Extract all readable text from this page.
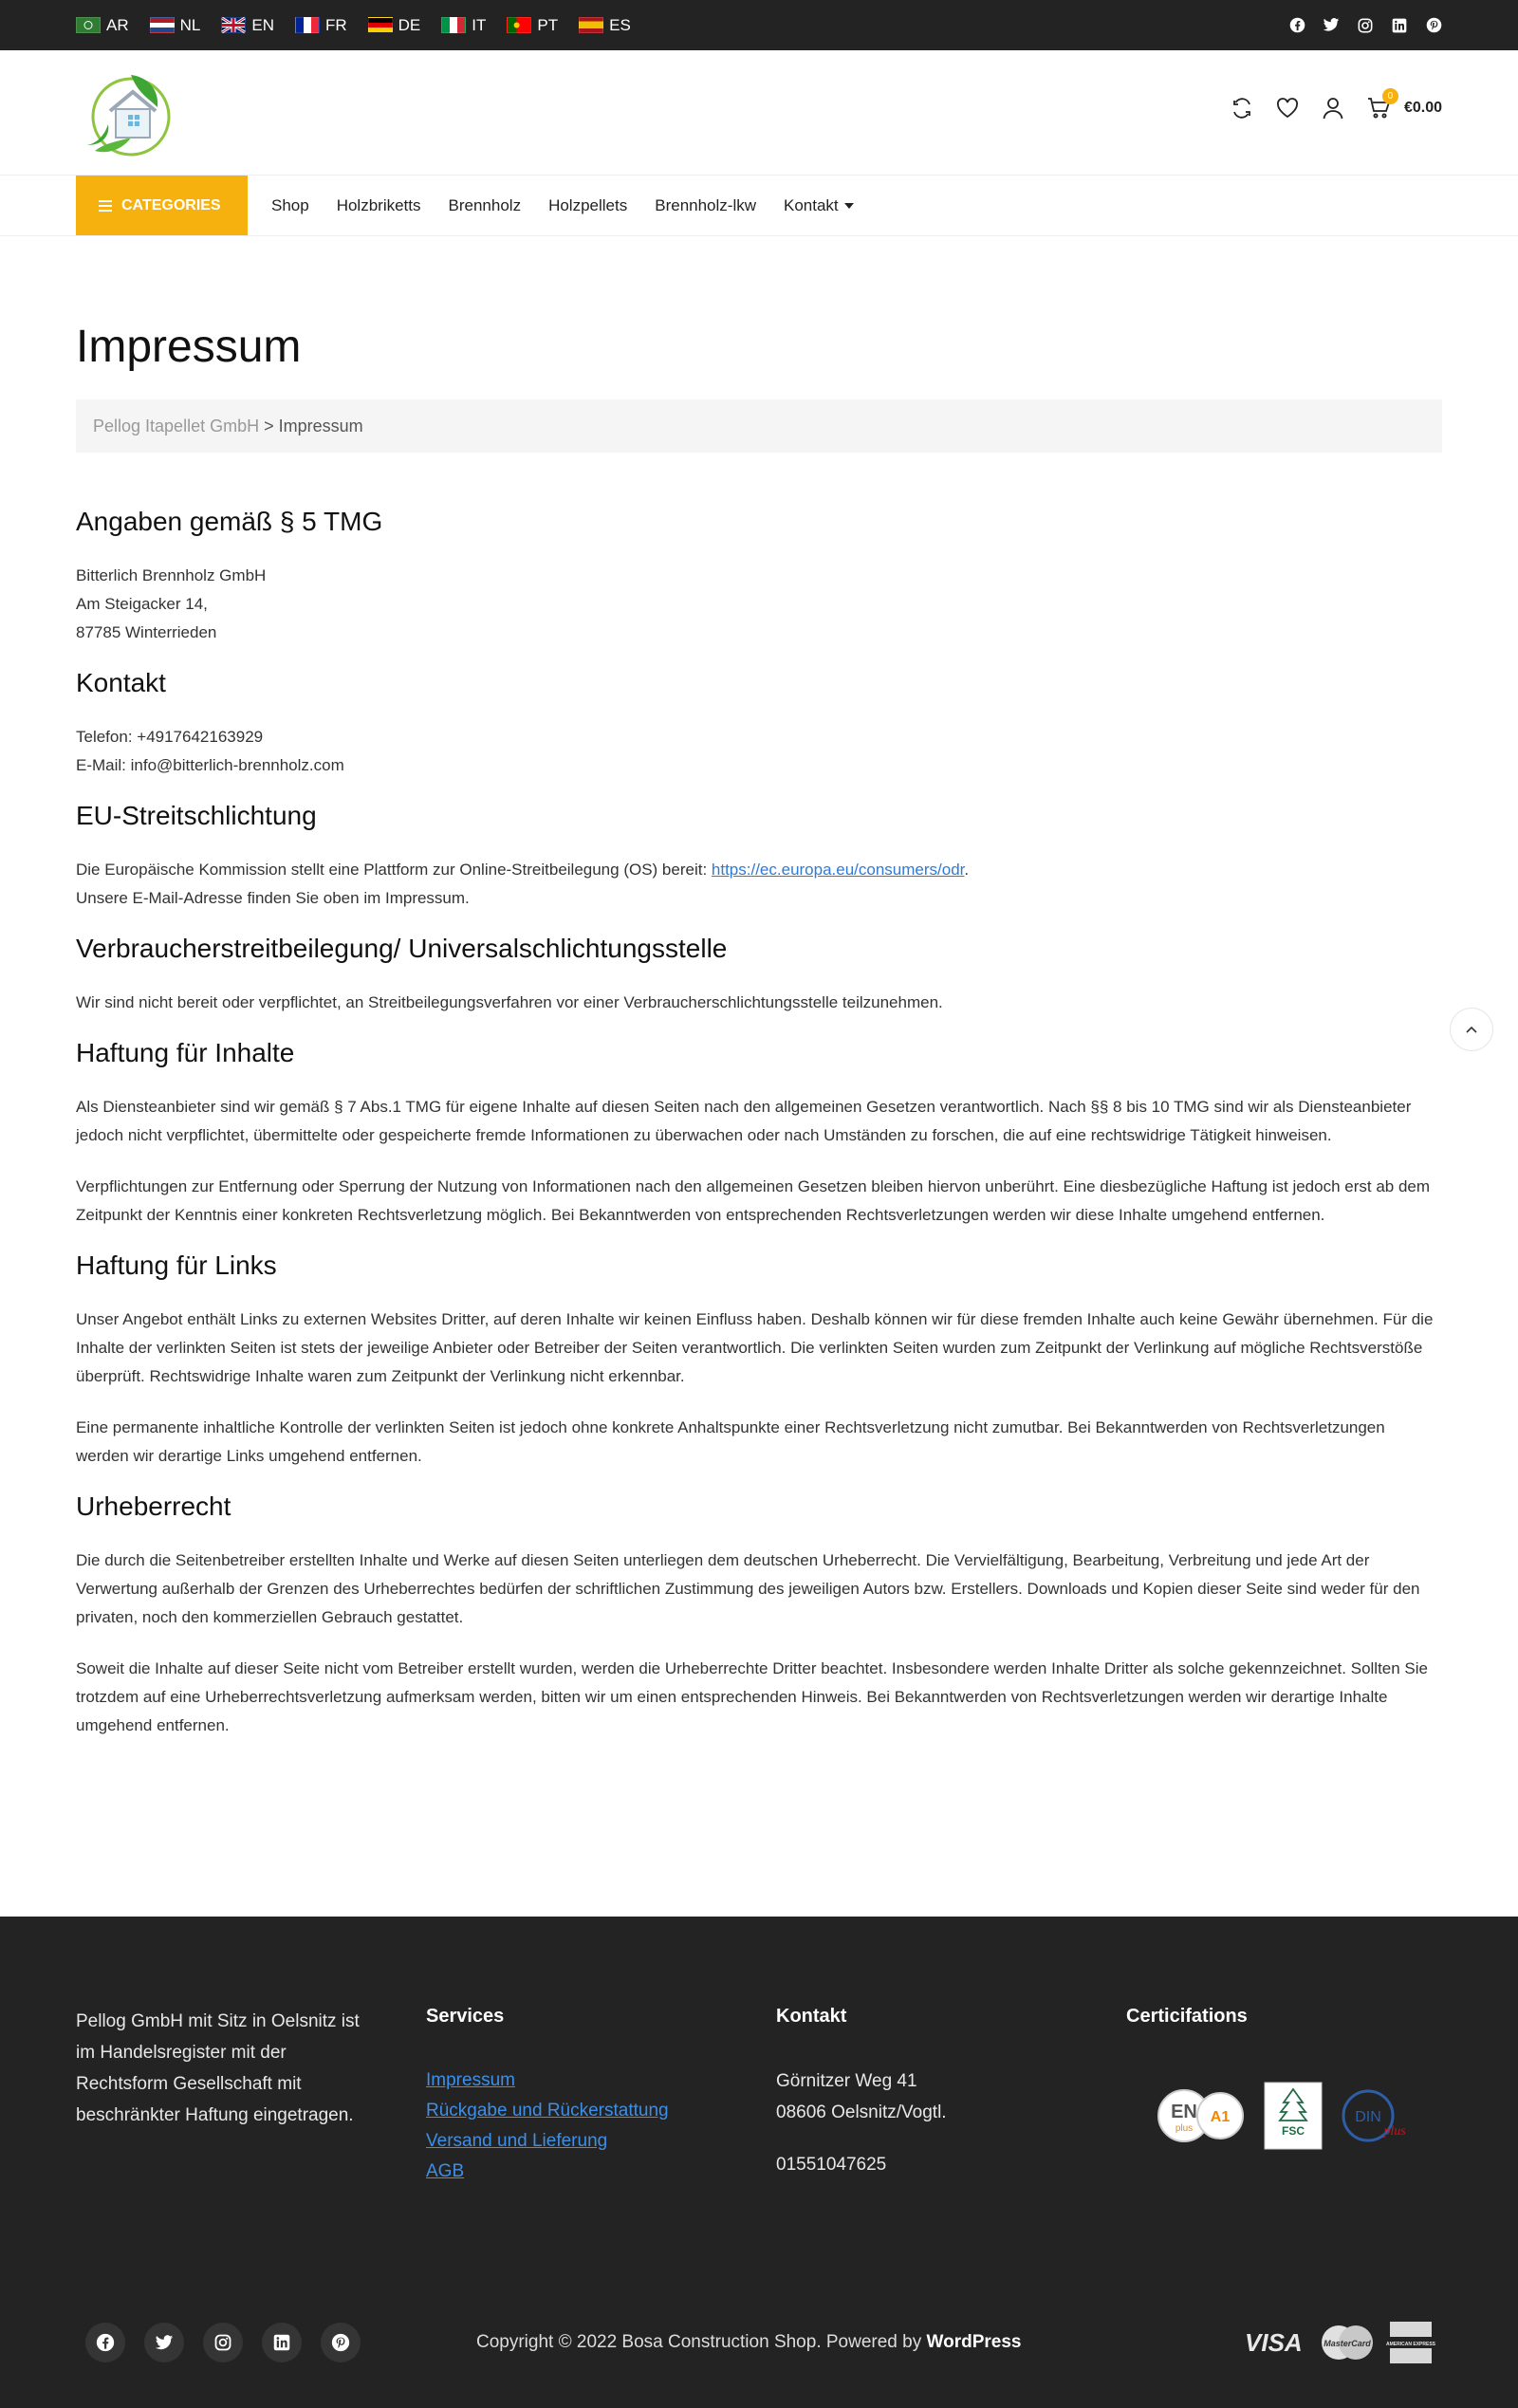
AR	NL	EN	FR	DE	IT	PT	ES
0
€0.00
CATEGORIES	Shop Holzbriketts Brennholz Holzpellets Brennholz-lkw Kontakt
Impressum
Pellog Itapellet GmbH > Impressum
Angaben gemäß § 5 TMG

Bitterlich Brennholz GmbH
Am Steigacker 14,
87785 Winterrieden

Kontakt

Telefon: +4917642163929
E-Mail: info@bitterlich-brennholz.com

EU-Streitschlichtung

Die Europäische Kommission stellt eine Plattform zur Online-Streitbeilegung (OS) bereit: https://ec.europa.eu/consumers/odr.
Unsere E-Mail-Adresse finden Sie oben im Impressum.

Verbraucherstreitbeilegung/ Universalschlichtungsstelle

Wir sind nicht bereit oder verpflichtet, an Streitbeilegungsverfahren vor einer Verbraucherschlichtungsstelle teilzunehmen.

Haftung für Inhalte

Als Diensteanbieter sind wir gemäß § 7 Abs.1 TMG für eigene Inhalte auf diesen Seiten nach den allgemeinen Gesetzen verantwortlich. Nach §§ 8 bis 10 TMG sind wir als Diensteanbieter jedoch nicht verpflichtet, übermittelte oder gespeicherte fremde Informationen zu überwachen oder nach Umständen zu forschen, die auf eine rechtswidrige Tätigkeit hinweisen.

Verpflichtungen zur Entfernung oder Sperrung der Nutzung von Informationen nach den allgemeinen Gesetzen bleiben hiervon unberührt. Eine diesbezügliche Haftung ist jedoch erst ab dem Zeitpunkt der Kenntnis einer konkreten Rechtsverletzung möglich. Bei Bekanntwerden von entsprechenden Rechtsverletzungen werden wir diese Inhalte umgehend entfernen.

Haftung für Links

Unser Angebot enthält Links zu externen Websites Dritter, auf deren Inhalte wir keinen Einfluss haben. Deshalb können wir für diese fremden Inhalte auch keine Gewähr übernehmen. Für die Inhalte der verlinkten Seiten ist stets der jeweilige Anbieter oder Betreiber der Seiten verantwortlich. Die verlinkten Seiten wurden zum Zeitpunkt der Verlinkung auf mögliche Rechtsverstöße überprüft. Rechtswidrige Inhalte waren zum Zeitpunkt der Verlinkung nicht erkennbar.

Eine permanente inhaltliche Kontrolle der verlinkten Seiten ist jedoch ohne konkrete Anhaltspunkte einer Rechtsverletzung nicht zumutbar. Bei Bekanntwerden von Rechtsverletzungen werden wir derartige Links umgehend entfernen.

Urheberrecht

Die durch die Seitenbetreiber erstellten Inhalte und Werke auf diesen Seiten unterliegen dem deutschen Urheberrecht. Die Vervielfältigung, Bearbeitung, Verbreitung und jede Art der Verwertung außerhalb der Grenzen des Urheberrechtes bedürfen der schriftlichen Zustimmung des jeweiligen Autors bzw. Erstellers. Downloads und Kopien dieser Seite sind weder für den privaten, noch den kommerziellen Gebrauch gestattet.

Soweit die Inhalte auf dieser Seite nicht vom Betreiber erstellt wurden, werden die Urheberrechte Dritter beachtet. Insbesondere werden Inhalte Dritter als solche gekennzeichnet. Sollten Sie trotzdem auf eine Urheberrechtsverletzung aufmerksam werden, bitten wir um einen entsprechenden Hinweis. Bei Bekanntwerden von Rechtsverletzungen werden wir derartige Inhalte umgehend entfernen.

Pellog GmbH mit Sitz in Oelsnitz ist im Handelsregister mit der Rechtsform Gesellschaft mit beschränkter Haftung eingetragen.
Services
Impressum
Rückgabe und Rückerstattung
Versand und Lieferung
AGB
Kontakt

Görnitzer Weg 41

08606 Oelsnitz/Vogtl.

01551047625

Certicifations
EN
plus
A1
FSC
DIN
plus
Copyright © 2022 Bosa Construction Shop. Powered by WordPress	VISA	MasterCard	AMERICAN EXPRESS
